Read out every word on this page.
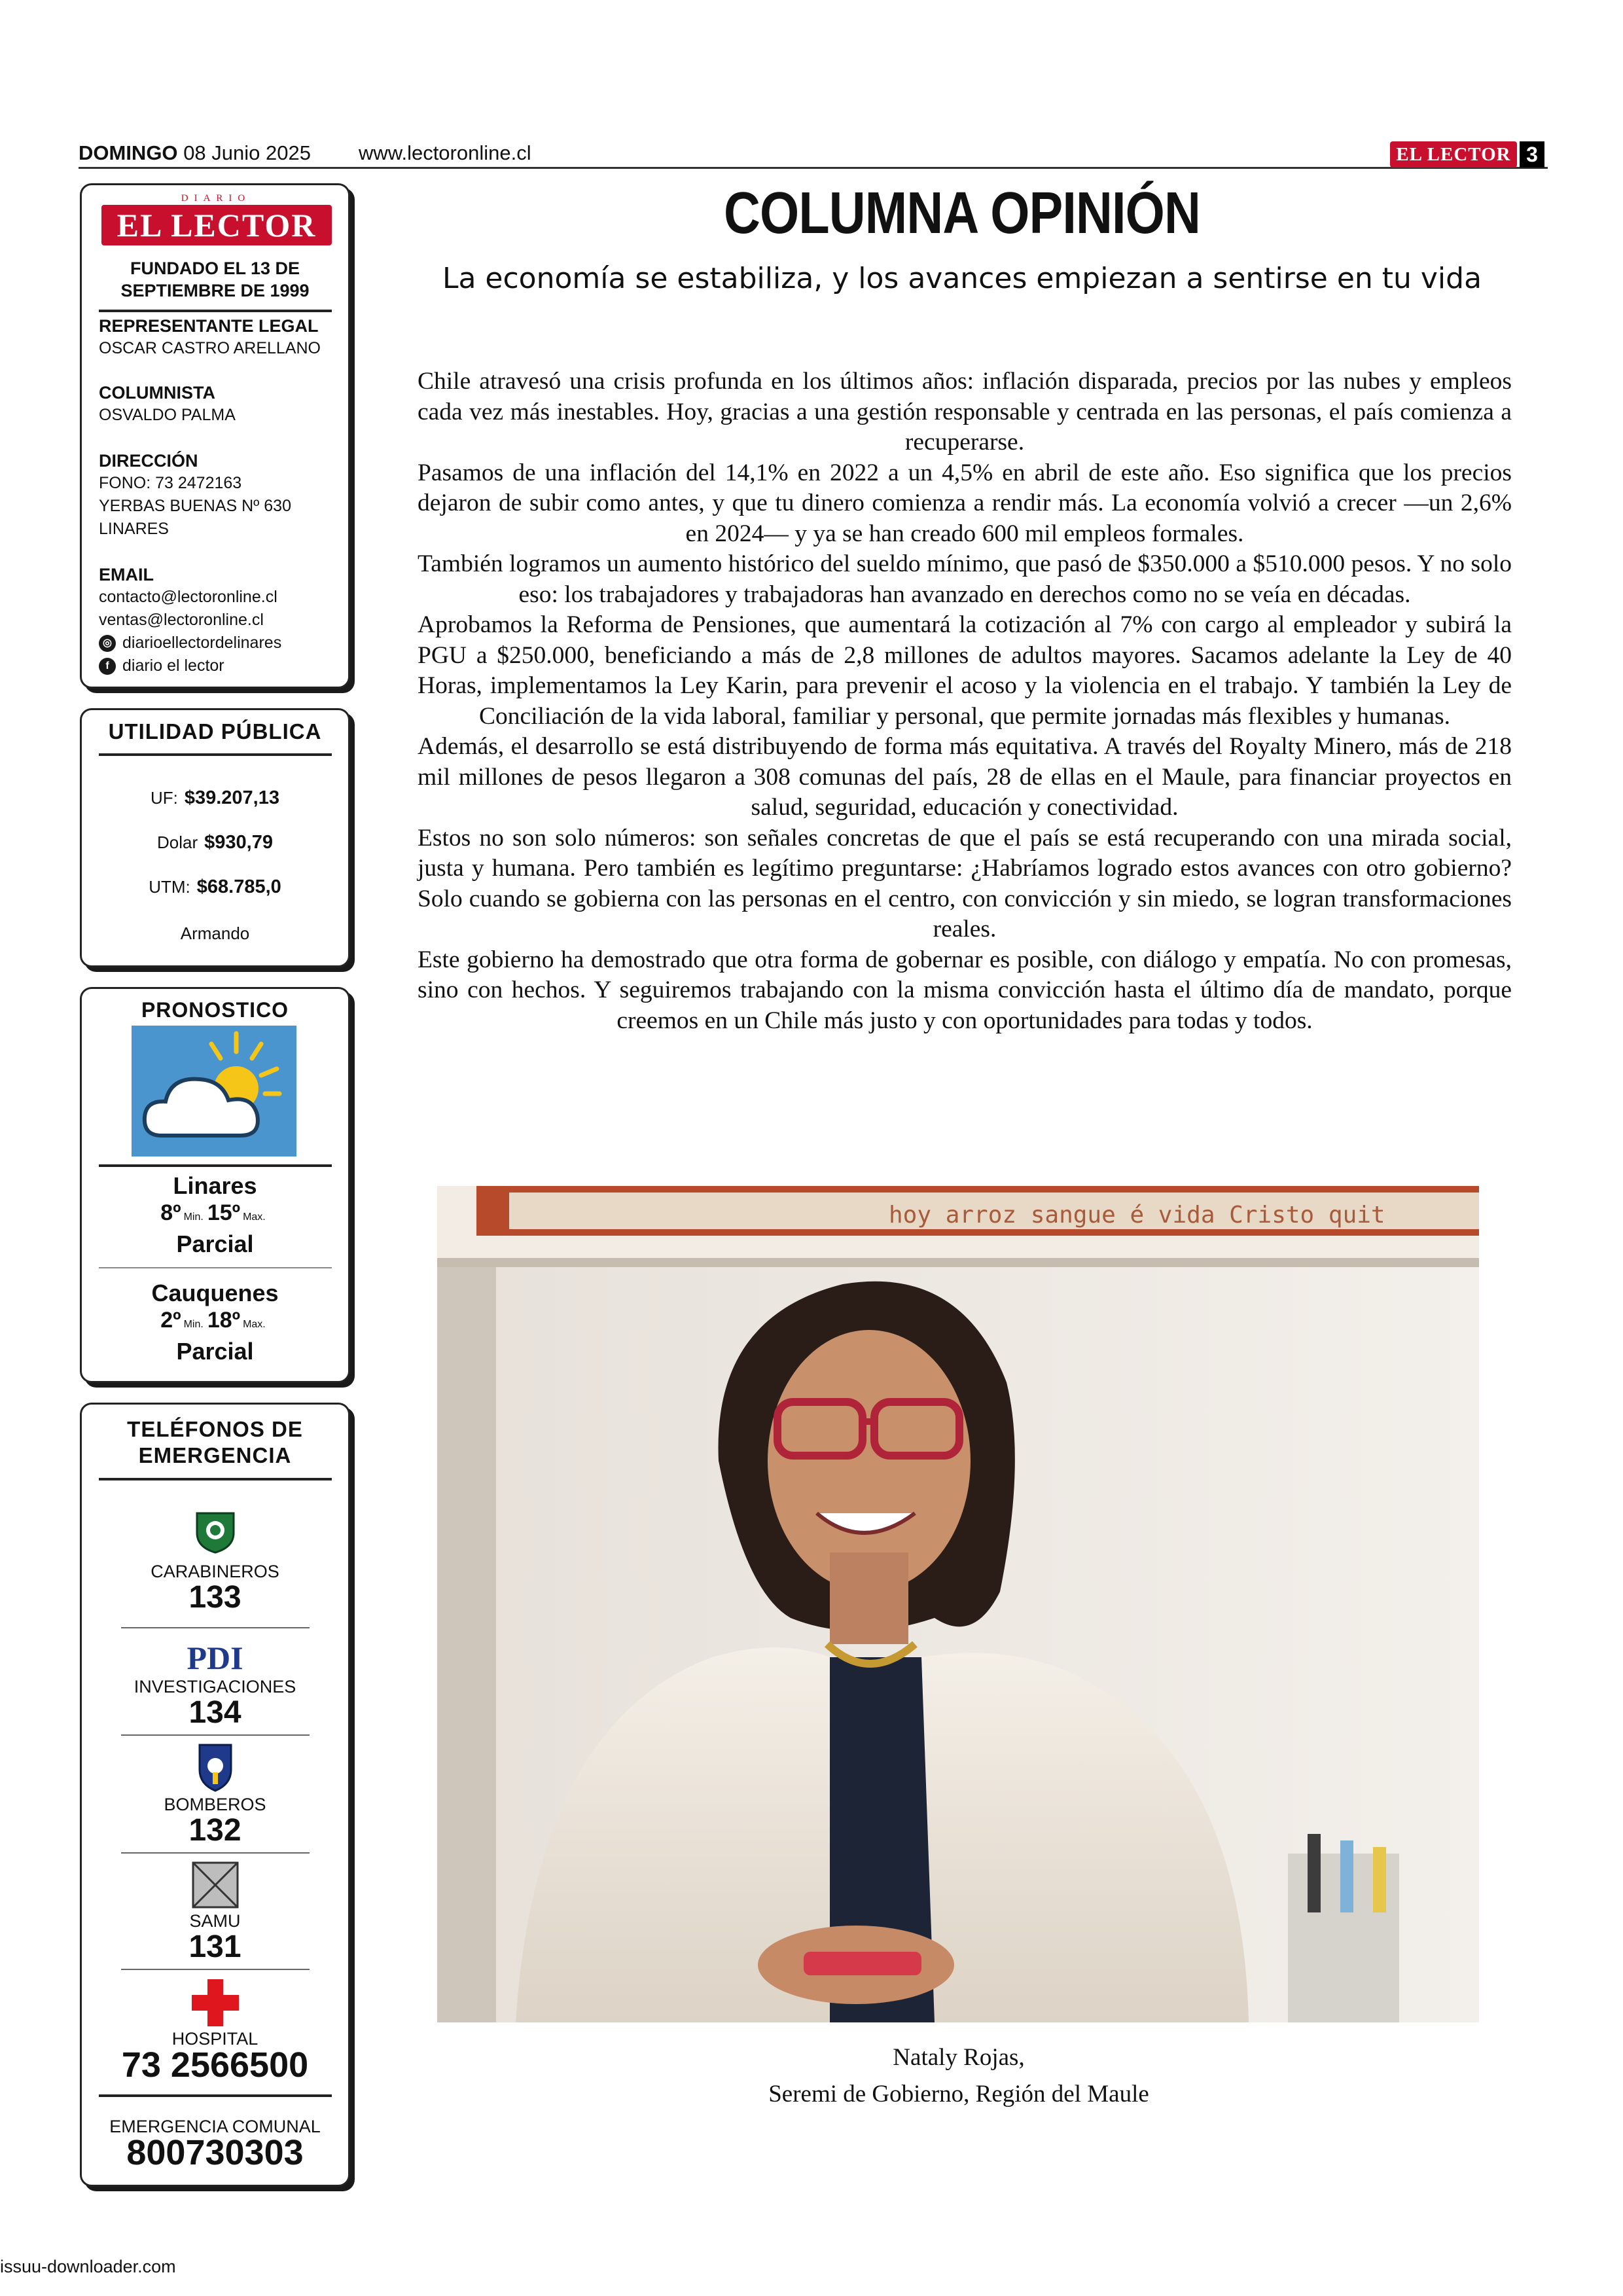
DOMINGO 08 Junio 2025 www.lectoronline.cl	EL LECTOR 3
EL LECTOR
DIARIO
FUNDADO EL 13 DE SEPTIEMBRE DE 1999
REPRESENTANTE LEGAL
OSCAR CASTRO ARELLANO
COLUMNISTA
OSVALDO PALMA
DIRECCIÓN
FONO: 73 2472163
YERBAS BUENAS Nº 630
LINARES
EMAIL
contacto@lectoronline.cl
ventas@lectoronline.cl
◎ diarioellectordelinares
f diario el lector
UTILIDAD PÚBLICA
UF: $39.207,13
Dolar $930,79
UTM: $68.785,0
Armando
PRONOSTICO
Linares
8º Min. 15º Max.
Parcial
Cauquenes
2º Min. 18º Max.
Parcial
TELÉFONOS DE EMERGENCIA
CARABINEROS
133
PDI
INVESTIGACIONES
134
BOMBEROS
132
SAMU
131
HOSPITAL
73 2566500
EMERGENCIA COMUNAL
800730303
COLUMNA OPINIÓN
La economía se estabiliza, y los avances empiezan a sentirse en tu vida

Chile atravesó una crisis profunda en los últimos años: inflación disparada, precios por las nubes y empleos cada vez más inestables. Hoy, gracias a una gestión responsable y centrada en las personas, el país comienza a recuperarse.

Pasamos de una inflación del 14,1% en 2022 a un 4,5% en abril de este año. Eso significa que los precios dejaron de subir como antes, y que tu dinero comienza a rendir más. La economía volvió a crecer —un 2,6% en 2024— y ya se han creado 600 mil empleos formales.

También logramos un aumento histórico del sueldo mínimo, que pasó de $350.000 a $510.000 pesos. Y no solo eso: los trabajadores y trabajadoras han avanzado en derechos como no se veía en décadas.

Aprobamos la Reforma de Pensiones, que aumentará la cotización al 7% con cargo al empleador y subirá la PGU a $250.000, beneficiando a más de 2,8 millones de adultos mayores. Sacamos adelante la Ley de 40 Horas, implementamos la Ley Karin, para prevenir el acoso y la violencia en el trabajo. Y también la Ley de Conciliación de la vida laboral, familiar y personal, que permite jornadas más flexibles y humanas.

Además, el desarrollo se está distribuyendo de forma más equitativa. A través del Royalty Minero, más de 218 mil millones de pesos llegaron a 308 comunas del país, 28 de ellas en el Maule, para financiar proyectos en salud, seguridad, educación y conectividad.

Estos no son solo números: son señales concretas de que el país se está recuperando con una mirada social, justa y humana. Pero también es legítimo preguntarse: ¿Habríamos logrado estos avances con otro gobierno? Solo cuando se gobierna con las personas en el centro, con convicción y sin miedo, se logran transformaciones reales.

Este gobierno ha demostrado que otra forma de gobernar es posible, con diálogo y empatía. No con promesas, sino con hechos. Y seguiremos trabajando con la misma convicción hasta el último día de mandato, porque creemos en un Chile más justo y con oportunidades para todas y todos.

hoy arroz sangue é vida Cristo quit
Nataly Rojas,
Seremi de Gobierno, Región del Maule
issuu-downloader.com
